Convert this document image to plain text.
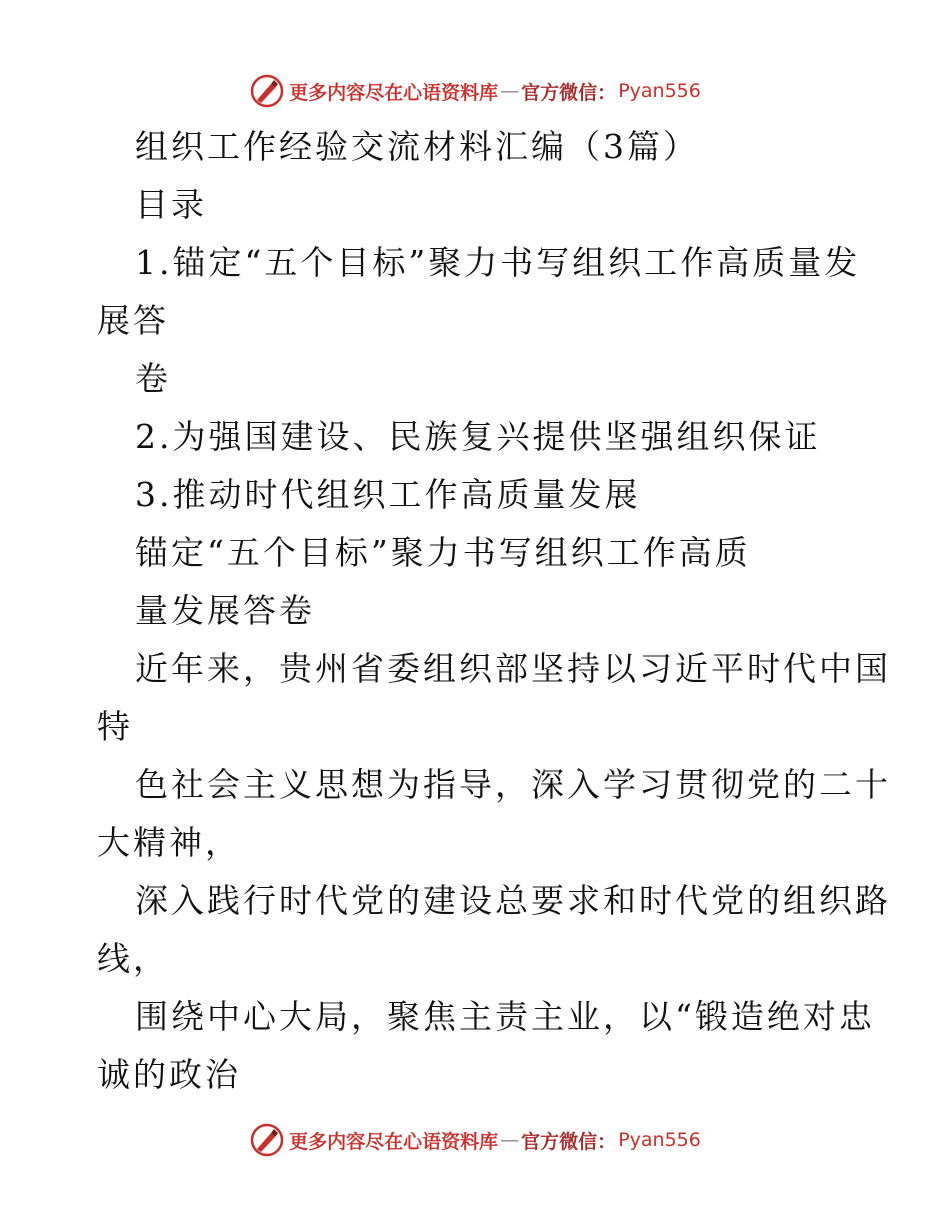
更多内容尽在心语资料库 — 官方微信： Pyan556
组织工作经验交流材料汇编（3篇）
目录
1.锚定“五个目标”聚力书写组织工作高质量发
展答
卷
2.为强国建设、民族复兴提供坚强组织保证
3.推动时代组织工作高质量发展
锚定“五个目标”聚力书写组织工作高质
量发展答卷
近年来，贵州省委组织部坚持以习近平时代中国
特
色社会主义思想为指导，深入学习贯彻党的二十
大精神，
深入践行时代党的建设总要求和时代党的组织路
线，
围绕中心大局，聚焦主责主业，以“锻造绝对忠
诚的政治
更多内容尽在心语资料库 — 官方微信： Pyan556
